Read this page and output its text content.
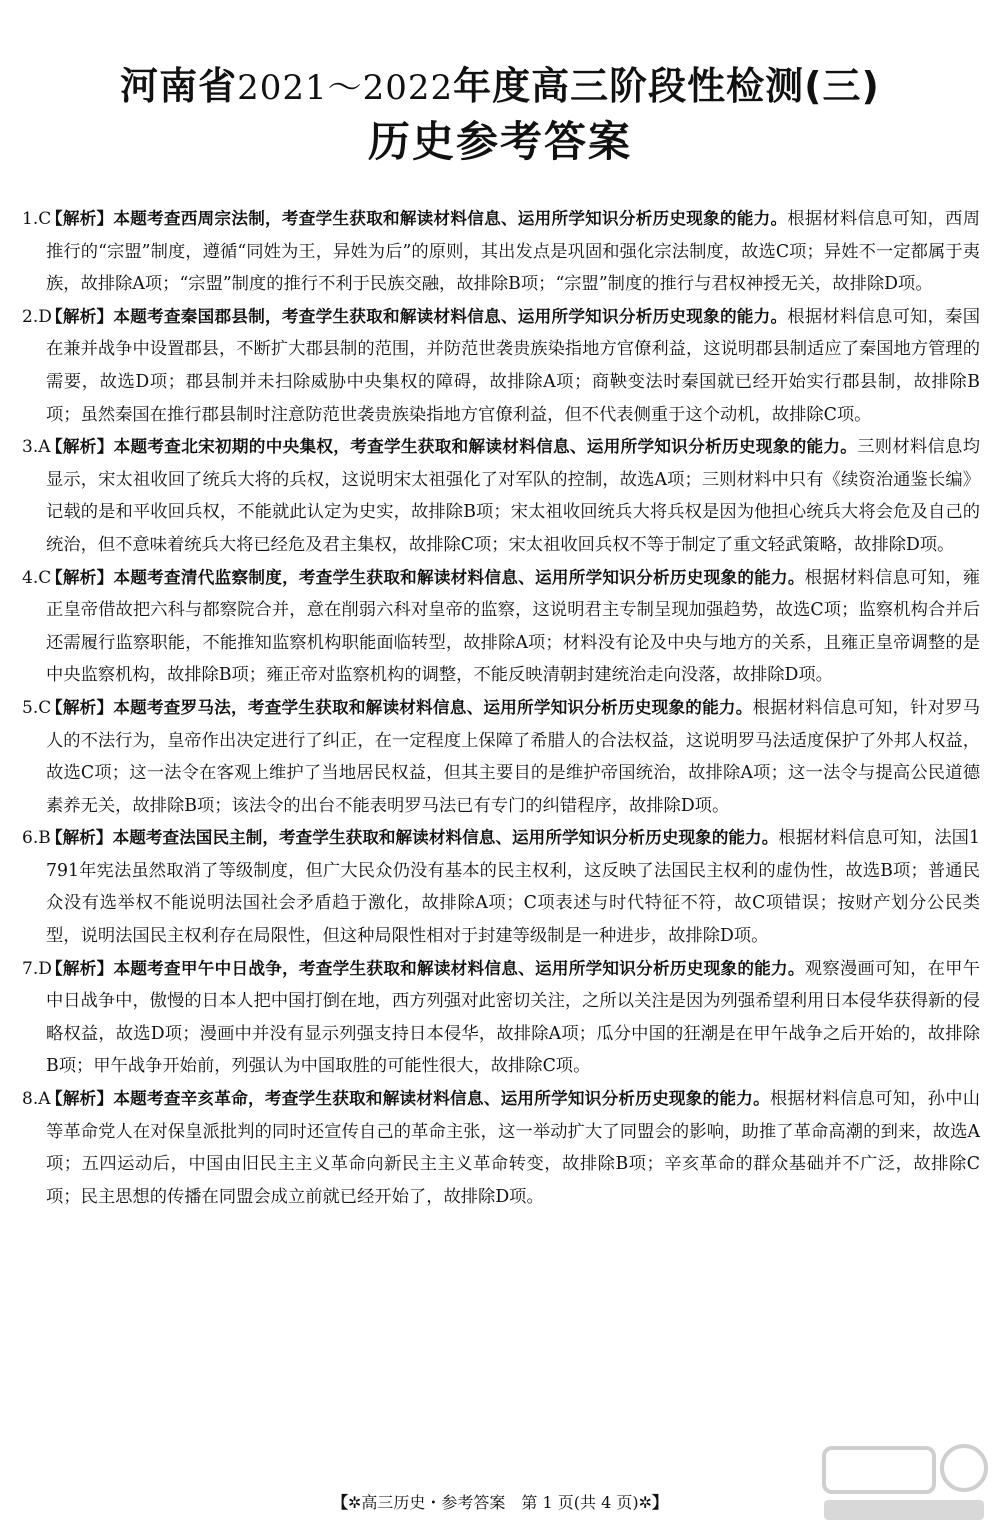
河南省2021～2022年度高三阶段性检测(三)
历史参考答案
1.C
【解析】本题考查西周宗法制，考查学生获取和解读材料信息、运用所学知识分析历史现象的能力。根据材料信息可知，西周推行的“宗盟”制度，遵循“同姓为王，异姓为后”的原则，其出发点是巩固和强化宗法制度，故选C项；异姓不一定都属于夷族，故排除A项；“宗盟”制度的推行不利于民族交融，故排除B项；“宗盟”制度的推行与君权神授无关，故排除D项。
2.D
【解析】本题考查秦国郡县制，考查学生获取和解读材料信息、运用所学知识分析历史现象的能力。根据材料信息可知，秦国在兼并战争中设置郡县，不断扩大郡县制的范围，并防范世袭贵族染指地方官僚利益，这说明郡县制适应了秦国地方管理的需要，故选D项；郡县制并未扫除威胁中央集权的障碍，故排除A项；商鞅变法时秦国就已经开始实行郡县制，故排除B项；虽然秦国在推行郡县制时注意防范世袭贵族染指地方官僚利益，但不代表侧重于这个动机，故排除C项。
3.A
【解析】本题考查北宋初期的中央集权，考查学生获取和解读材料信息、运用所学知识分析历史现象的能力。三则材料信息均显示，宋太祖收回了统兵大将的兵权，这说明宋太祖强化了对军队的控制，故选A项；三则材料中只有《续资治通鉴长编》记载的是和平收回兵权，不能就此认定为史实，故排除B项；宋太祖收回统兵大将兵权是因为他担心统兵大将会危及自己的统治，但不意味着统兵大将已经危及君主集权，故排除C项；宋太祖收回兵权不等于制定了重文轻武策略，故排除D项。
4.C
【解析】本题考查清代监察制度，考查学生获取和解读材料信息、运用所学知识分析历史现象的能力。根据材料信息可知，雍正皇帝借故把六科与都察院合并，意在削弱六科对皇帝的监察，这说明君主专制呈现加强趋势，故选C项；监察机构合并后还需履行监察职能，不能推知监察机构职能面临转型，故排除A项；材料没有论及中央与地方的关系，且雍正皇帝调整的是中央监察机构，故排除B项；雍正帝对监察机构的调整，不能反映清朝封建统治走向没落，故排除D项。
5.C
【解析】本题考查罗马法，考查学生获取和解读材料信息、运用所学知识分析历史现象的能力。根据材料信息可知，针对罗马人的不法行为，皇帝作出决定进行了纠正，在一定程度上保障了希腊人的合法权益，这说明罗马法适度保护了外邦人权益，故选C项；这一法令在客观上维护了当地居民权益，但其主要目的是维护帝国统治，故排除A项；这一法令与提高公民道德素养无关，故排除B项；该法令的出台不能表明罗马法已有专门的纠错程序，故排除D项。
6.B
【解析】本题考查法国民主制，考查学生获取和解读材料信息、运用所学知识分析历史现象的能力。根据材料信息可知，法国1791年宪法虽然取消了等级制度，但广大民众仍没有基本的民主权利，这反映了法国民主权利的虚伪性，故选B项；普通民众没有选举权不能说明法国社会矛盾趋于激化，故排除A项；C项表述与时代特征不符，故C项错误；按财产划分公民类型，说明法国民主权利存在局限性，但这种局限性相对于封建等级制是一种进步，故排除D项。
7.D
【解析】本题考查甲午中日战争，考查学生获取和解读材料信息、运用所学知识分析历史现象的能力。观察漫画可知，在甲午中日战争中，傲慢的日本人把中国打倒在地，西方列强对此密切关注，之所以关注是因为列强希望利用日本侵华获得新的侵略权益，故选D项；漫画中并没有显示列强支持日本侵华，故排除A项；瓜分中国的狂潮是在甲午战争之后开始的，故排除B项；甲午战争开始前，列强认为中国取胜的可能性很大，故排除C项。
8.A
【解析】本题考查辛亥革命，考查学生获取和解读材料信息、运用所学知识分析历史现象的能力。根据材料信息可知，孙中山等革命党人在对保皇派批判的同时还宣传自己的革命主张，这一举动扩大了同盟会的影响，助推了革命高潮的到来，故选A项；五四运动后，中国由旧民主主义革命向新民主主义革命转变，故排除B项；辛亥革命的群众基础并不广泛，故排除C项；民主思想的传播在同盟会成立前就已经开始了，故排除D项。
【✲高三历史・参考答案　第 1 页(共 4 页)✲】
